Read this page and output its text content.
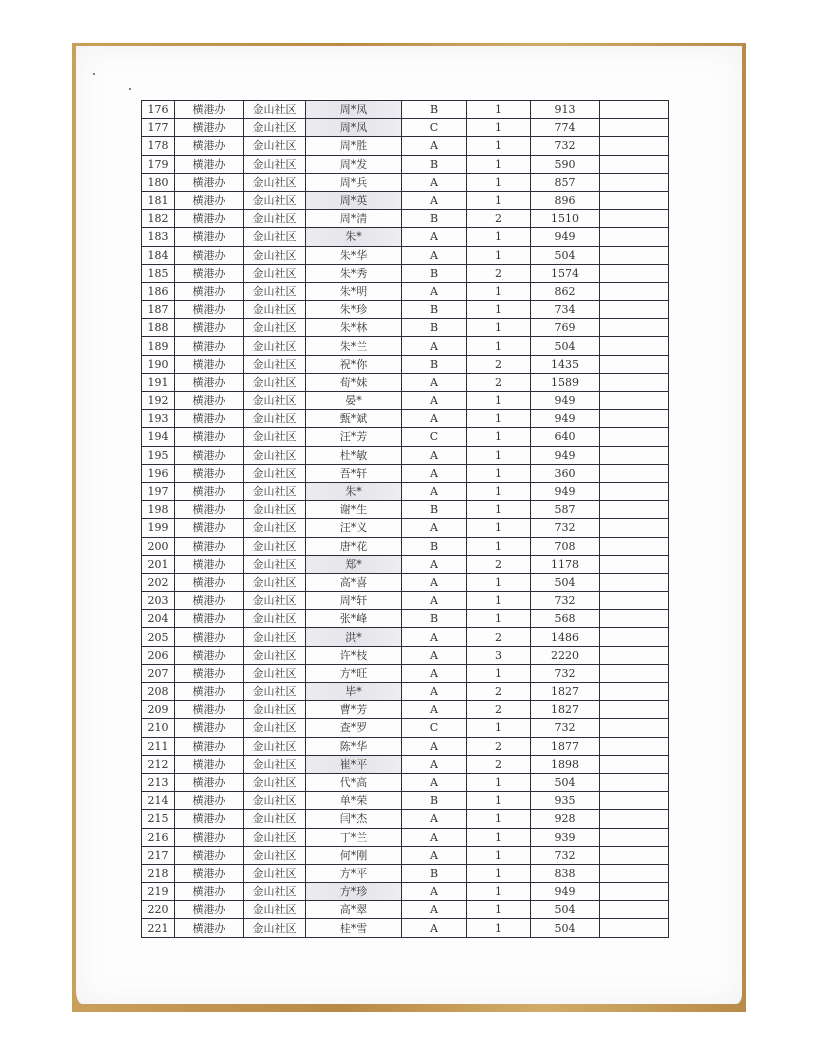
176	横港办	金山社区	周*凤	B	1	913	
177	横港办	金山社区	周*凤	C	1	774	
178	横港办	金山社区	周*胜	A	1	732	
179	横港办	金山社区	周*发	B	1	590	
180	横港办	金山社区	周*兵	A	1	857	
181	横港办	金山社区	周*英	A	1	896	
182	横港办	金山社区	周*清	B	2	1510	
183	横港办	金山社区	朱*	A	1	949	
184	横港办	金山社区	朱*华	A	1	504	
185	横港办	金山社区	朱*秀	B	2	1574	
186	横港办	金山社区	朱*明	A	1	862	
187	横港办	金山社区	朱*珍	B	1	734	
188	横港办	金山社区	朱*林	B	1	769	
189	横港办	金山社区	朱*兰	A	1	504	
190	横港办	金山社区	祝*你	B	2	1435	
191	横港办	金山社区	荀*妹	A	2	1589	
192	横港办	金山社区	晏*	A	1	949	
193	横港办	金山社区	甄*斌	A	1	949	
194	横港办	金山社区	汪*芳	C	1	640	
195	横港办	金山社区	杜*敏	A	1	949	
196	横港办	金山社区	吾*轩	A	1	360	
197	横港办	金山社区	朱*	A	1	949	
198	横港办	金山社区	谢*生	B	1	587	
199	横港办	金山社区	汪*义	A	1	732	
200	横港办	金山社区	唐*花	B	1	708	
201	横港办	金山社区	郑*	A	2	1178	
202	横港办	金山社区	高*喜	A	1	504	
203	横港办	金山社区	周*轩	A	1	732	
204	横港办	金山社区	张*峰	B	1	568	
205	横港办	金山社区	洪*	A	2	1486	
206	横港办	金山社区	许*枝	A	3	2220	
207	横港办	金山社区	方*旺	A	1	732	
208	横港办	金山社区	毕*	A	2	1827	
209	横港办	金山社区	曹*芳	A	2	1827	
210	横港办	金山社区	查*罗	C	1	732	
211	横港办	金山社区	陈*华	A	2	1877	
212	横港办	金山社区	崔*平	A	2	1898	
213	横港办	金山社区	代*高	A	1	504	
214	横港办	金山社区	单*荣	B	1	935	
215	横港办	金山社区	闫*杰	A	1	928	
216	横港办	金山社区	丁*兰	A	1	939	
217	横港办	金山社区	何*刚	A	1	732	
218	横港办	金山社区	方*平	B	1	838	
219	横港办	金山社区	方*珍	A	1	949	
220	横港办	金山社区	高*翠	A	1	504	
221	横港办	金山社区	桂*雪	A	1	504	
